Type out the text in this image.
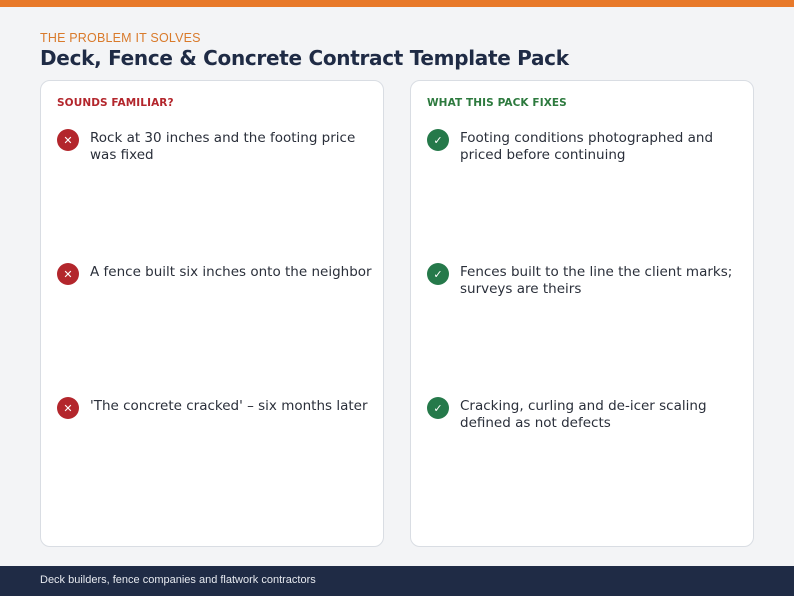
THE PROBLEM IT SOLVES
Deck, Fence & Concrete Contract Template Pack
SOUNDS FAMILIAR?
✕	Rock at 30 inches and the footing price was fixed
✕	A fence built six inches onto the neighbor
✕	'The concrete cracked' – six months later
WHAT THIS PACK FIXES
✓	Footing conditions photographed and priced before continuing
✓	Fences built to the line the client marks; surveys are theirs
✓	Cracking, curling and de-icer scaling defined as not defects
Deck builders, fence companies and flatwork contractors
